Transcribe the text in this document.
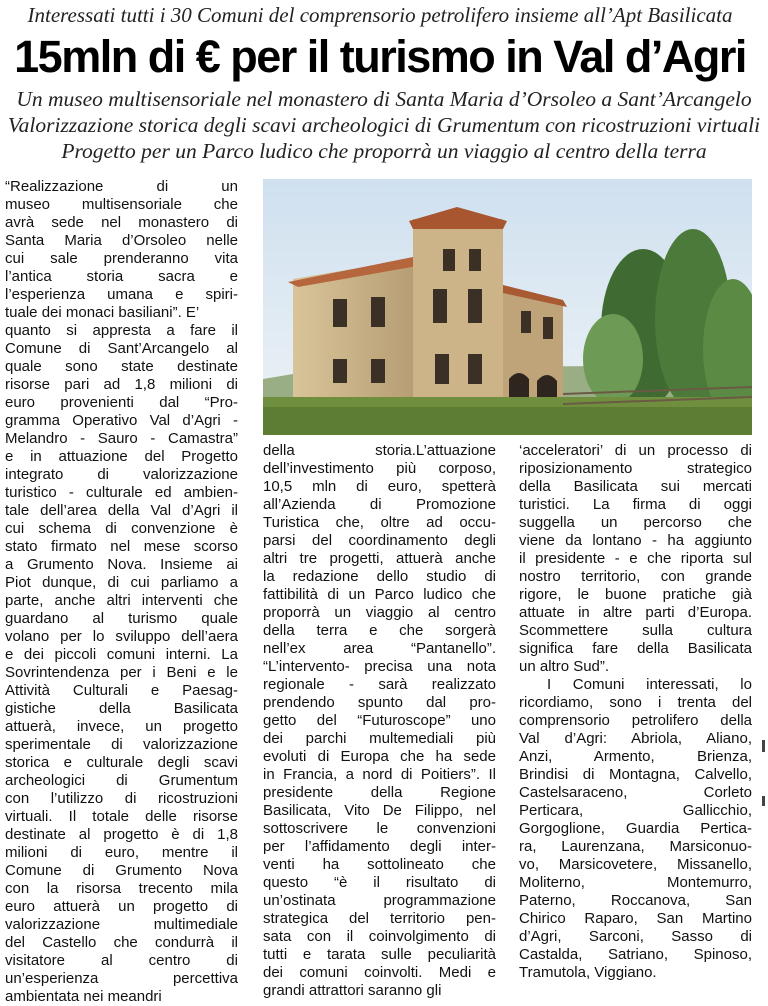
Interessati tutti i 30 Comuni del comprensorio petrolifero insieme all’Apt Basilicata
15mln di € per il turismo in Val d’Agri
Un museo multisensoriale nel monastero di Santa Maria d’Orsoleo a Sant’Arcangelo
Valorizzazione storica degli scavi archeologici di Grumentum con ricostruzioni virtuali
Progetto per un Parco ludico che proporrà un viaggio al centro della terra
“Realizzazione di un
museo multisensoriale che
avrà sede nel monastero di
Santa Maria d’Orsoleo nelle
cui sale prenderanno vita
l’antica storia sacra e
l’esperienza umana e spiri-
tuale dei monaci basiliani”. E’
quanto si appresta a fare il
Comune di Sant’Arcangelo al
quale sono state destinate
risorse pari ad 1,8 milioni di
euro provenienti dal “Pro-
gramma Operativo Val d’Agri -
Melandro - Sauro - Camastra”
e in attuazione del Progetto
integrato di valorizzazione
turistico - culturale ed ambien-
tale dell’area della Val d’Agri il
cui schema di convenzione è
stato firmato nel mese scorso
a Grumento Nova. Insieme ai
Piot dunque, di cui parliamo a
parte, anche altri interventi che
guardano al turismo quale
volano per lo sviluppo dell’aera
e dei piccoli comuni interni. La
Sovrintendenza per i Beni e le
Attività Culturali e Paesag-
gistiche della Basilicata
attuerà, invece, un progetto
sperimentale di valorizzazione
storica e culturale degli scavi
archeologici di Grumentum
con l’utilizzo di ricostruzioni
virtuali. Il totale delle risorse
destinate al progetto è di 1,8
milioni di euro, mentre il
Comune di Grumento Nova
con la risorsa trecento mila
euro attuerà un progetto di
valorizzazione multimediale
del Castello che condurrà il
visitatore al centro di
un’esperienza percettiva
ambientata nei meandri
della storia.L’attuazione
dell’investimento più corposo,
10,5 mln di euro, spetterà
all’Azienda di Promozione
Turistica che, oltre ad occu-
parsi del coordinamento degli
altri tre progetti, attuerà anche
la redazione dello studio di
fattibilità di un Parco ludico che
proporrà un viaggio al centro
della terra e che sorgerà
nell’ex area “Pantanello”.
“L’intervento- precisa una nota
regionale - sarà realizzato
prendendo spunto dal pro-
getto del “Futuroscope” uno
dei parchi multemediali più
evoluti di Europa che ha sede
in Francia, a nord di Poitiers”. Il
presidente della Regione
Basilicata, Vito De Filippo, nel
sottoscrivere le convenzioni
per l’affidamento degli inter-
venti ha sottolineato che
questo “è il risultato di
un’ostinata programmazione
strategica del territorio pen-
sata con il coinvolgimento di
tutti e tarata sulle peculiarità
dei comuni coinvolti. Medi e
grandi attrattori saranno gli
‘acceleratori’ di un processo di
riposizionamento strategico
della Basilicata sui mercati
turistici. La firma di oggi
suggella un percorso che
viene da lontano - ha aggiunto
il presidente - e che riporta sul
nostro territorio, con grande
rigore, le buone pratiche già
attuate in altre parti d’Europa.
Scommettere sulla cultura
significa fare della Basilicata
un altro Sud”.
I Comuni interessati, lo
ricordiamo, sono i trenta del
comprensorio petrolifero della
Val d’Agri: Abriola, Aliano,
Anzi, Armento, Brienza,
Brindisi di Montagna, Calvello,
Castelsaraceno, Corleto
Perticara, Gallicchio,
Gorgoglione, Guardia Pertica-
ra, Laurenzana, Marsiconuo-
vo, Marsicovetere, Missanello,
Moliterno, Montemurro,
Paterno, Roccanova, San
Chirico Raparo, San Martino
d’Agri, Sarconi, Sasso di
Castalda, Satriano, Spinoso,
Tramutola, Viggiano.
